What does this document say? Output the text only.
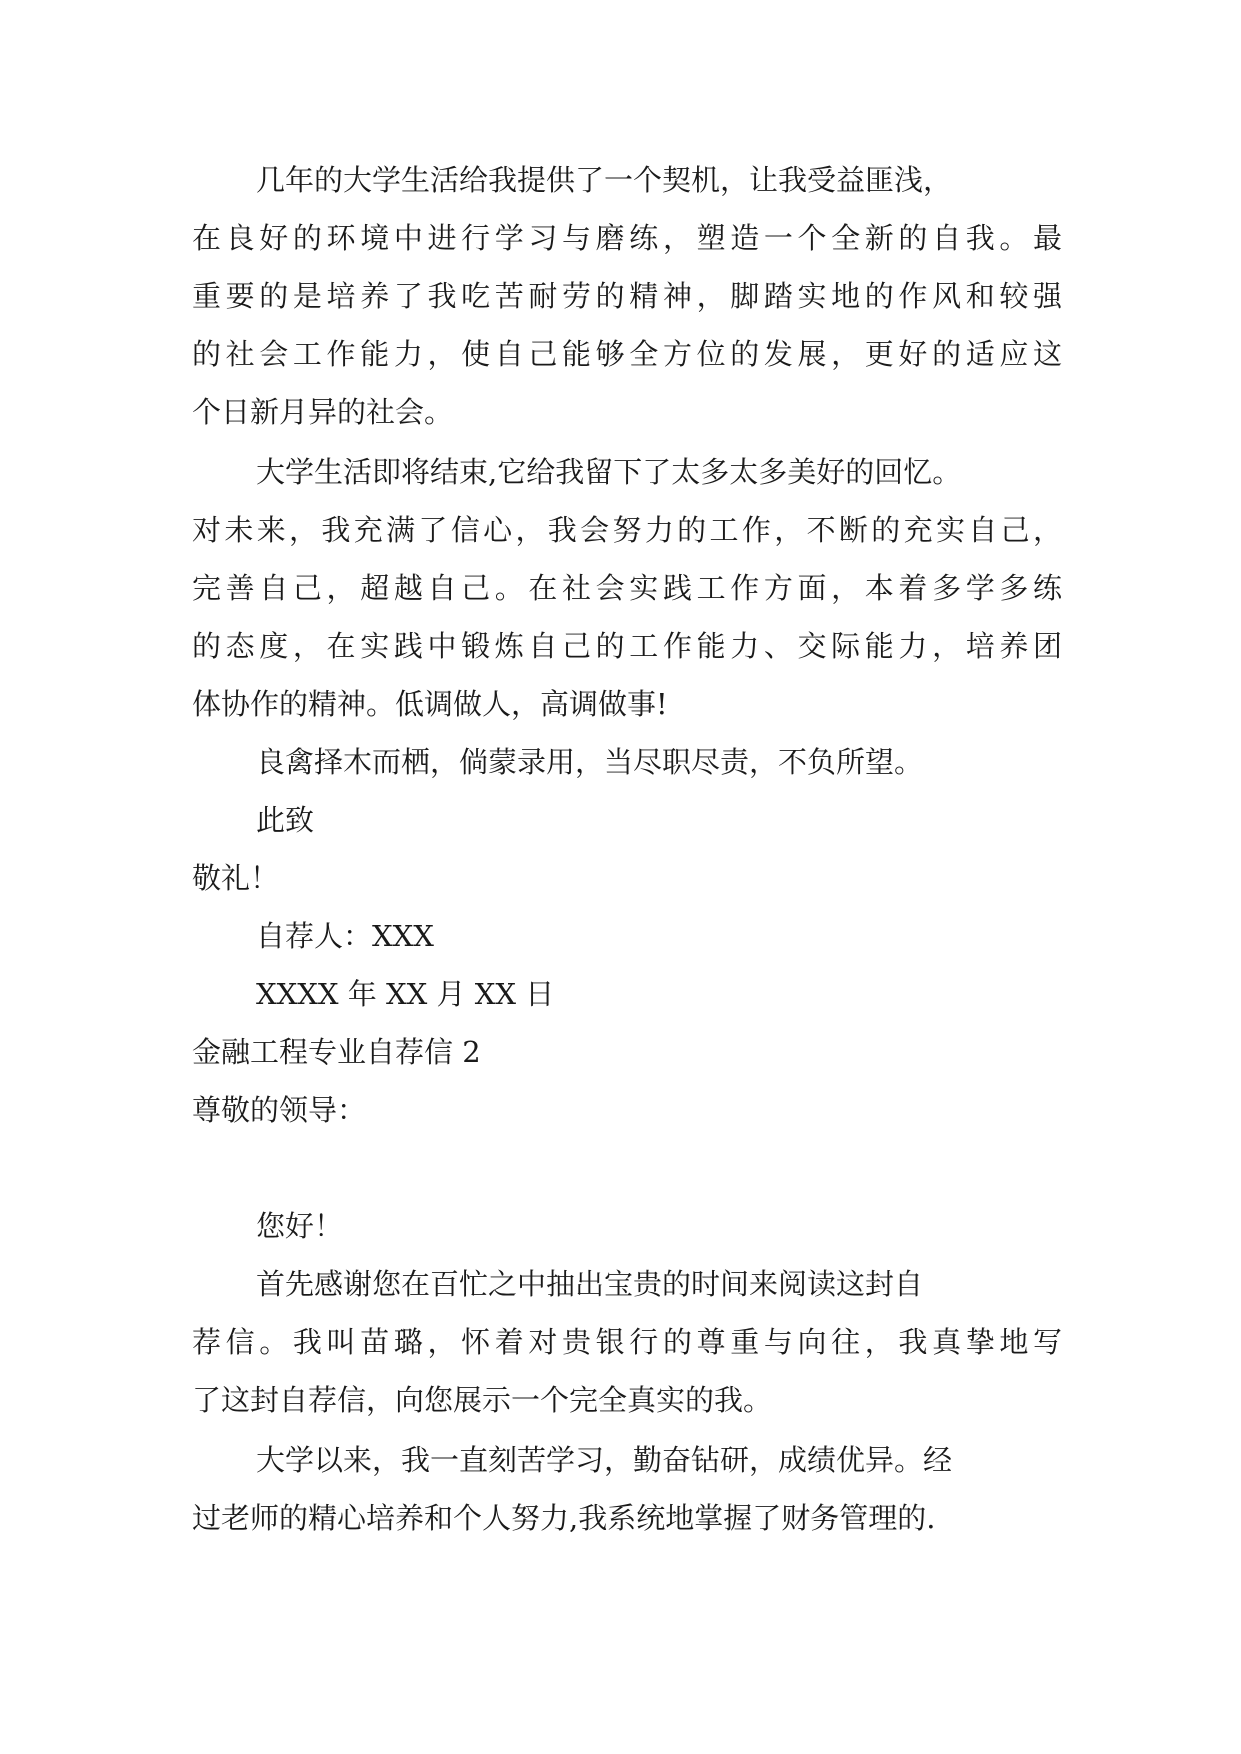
几年的大学生活给我提供了一个契机，让我受益匪浅，
在良好的环境中进行学习与磨练，塑造一个全新的自我。最
重要的是培养了我吃苦耐劳的精神，脚踏实地的作风和较强
的社会工作能力，使自己能够全方位的发展，更好的适应这
个日新月异的社会。
大学生活即将结束,它给我留下了太多太多美好的回忆。
对未来，我充满了信心，我会努力的工作，不断的充实自己，
完善自己，超越自己。在社会实践工作方面，本着多学多练
的态度，在实践中锻炼自己的工作能力、交际能力，培养团
体协作的精神。低调做人，高调做事!
良禽择木而栖，倘蒙录用，当尽职尽责，不负所望。
此致
敬礼！
自荐人：XXX
XXXX 年 XX 月 XX 日
金融工程专业自荐信 2
尊敬的领导：
您好！
首先感谢您在百忙之中抽出宝贵的时间来阅读这封自
荐信。我叫苗璐，怀着对贵银行的尊重与向往，我真挚地写
了这封自荐信，向您展示一个完全真实的我。
大学以来，我一直刻苦学习，勤奋钻研，成绩优异。经
过老师的精心培养和个人努力,我系统地掌握了财务管理的.
